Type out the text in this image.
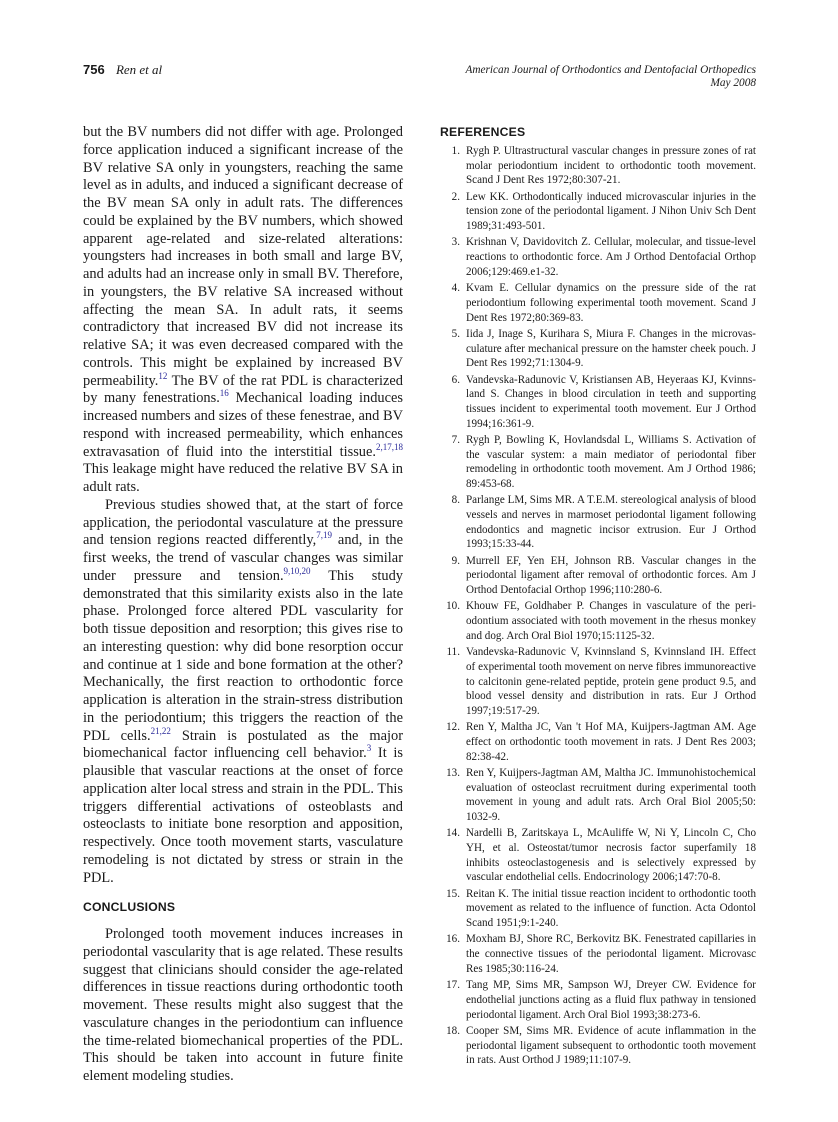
756 Ren et al	American Journal of Orthodontics and Dentofacial Orthopedics
May 2008

but the BV numbers did not differ with age. Prolonged force application induced a significant increase of the BV relative SA only in youngsters, reaching the same level as in adults, and induced a significant decrease of the BV mean SA only in adult rats. The differences could be explained by the BV numbers, which showed apparent age-related and size-related alterations: youngsters had increases in both small and large BV, and adults had an increase only in small BV. Therefore, in youngsters, the BV relative SA increased without affecting the mean SA. In adult rats, it seems contradictory that increased BV did not increase its relative SA; it was even decreased compared with the controls. This might be explained by increased BV permeability.$^{12}$ The BV of the rat PDL is characterized by many fenestrations.$^{16}$ Mechanical loading induces increased numbers and sizes of these fenestrae, and BV respond with increased permeability, which enhances extravasation of fluid into the interstitial tissue.$^{2,17,18}$ This leakage might have reduced the relative BV SA in adult rats.

Previous studies showed that, at the start of force application, the periodontal vasculature at the pressure and tension regions reacted differently,$^{7,19}$ and, in the first weeks, the trend of vascular changes was similar under pressure and tension.$^{9,10,20}$ This study demonstrated that this similarity exists also in the late phase. Prolonged force altered PDL vascularity for both tissue deposition and resorption; this gives rise to an interesting question: why did bone resorption occur and continue at 1 side and bone formation at the other? Mechanically, the first reaction to orthodontic force application is alteration in the strain-stress distribution in the periodontium; this triggers the reaction of the PDL cells.$^{21,22}$ Strain is postulated as the major biomechanical factor influencing cell behavior.$^3$ It is plausible that vascular reactions at the onset of force application alter local stress and strain in the PDL. This triggers differential activations of osteoblasts and osteoclasts to initiate bone resorption and apposition, respectively. Once tooth movement starts, vasculature remodeling is not dictated by stress or strain in the PDL.

CONCLUSIONS

Prolonged tooth movement induces increases in periodontal vascularity that is age related. These results suggest that clinicians should consider the age-related differences in tissue reactions during orthodontic tooth movement. These results might also suggest that the vasculature changes in the periodontium can influence the time-related biomechanical properties of the PDL. This should be taken into account in future finite element modeling studies.

REFERENCES
1. Rygh P. Ultrastructural vascular changes in pressure zones of rat molar periodontium incident to orthodontic tooth movement. Scand J Dent Res 1972;80:307-21.
2. Lew KK. Orthodontically induced microvascular injuries in the tension zone of the periodontal ligament. J Nihon Univ Sch Dent 1989;31:493-501.
3. Krishnan V, Davidovitch Z. Cellular, molecular, and tissue-level reactions to orthodontic force. Am J Orthod Dentofacial Orthop 2006;129:469.e1-32.
4. Kvam E. Cellular dynamics on the pressure side of the rat periodontium following experimental tooth movement. Scand J Dent Res 1972;80:369-83.
5. Iida J, Inage S, Kurihara S, Miura F. Changes in the microvasculature after mechanical pressure on the hamster cheek pouch. J Dent Res 1992;71:1304-9.
6. Vandevska-Radunovic V, Kristiansen AB, Heyeraas KJ, Kvinnsland S. Changes in blood circulation in teeth and supporting tissues incident to experimental tooth movement. Eur J Orthod 1994;16:361-9.
7. Rygh P, Bowling K, Hovlandsdal L, Williams S. Activation of the vascular system: a main mediator of periodontal fiber remodeling in orthodontic tooth movement. Am J Orthod 1986; 89:453-68.
8. Parlange LM, Sims MR. A T.E.M. stereological analysis of blood vessels and nerves in marmoset periodontal ligament following endodontics and magnetic incisor extrusion. Eur J Orthod 1993;15:33-44.
9. Murrell EF, Yen EH, Johnson RB. Vascular changes in the periodontal ligament after removal of orthodontic forces. Am J Orthod Dentofacial Orthop 1996;110:280-6.
10. Khouw FE, Goldhaber P. Changes in vasculature of the periodontium associated with tooth movement in the rhesus monkey and dog. Arch Oral Biol 1970;15:1125-32.
11. Vandevska-Radunovic V, Kvinnsland S, Kvinnsland IH. Effect of experimental tooth movement on nerve fibres immunoreactive to calcitonin gene-related peptide, protein gene product 9.5, and blood vessel density and distribution in rats. Eur J Orthod 1997;19:517-29.
12. Ren Y, Maltha JC, Van 't Hof MA, Kuijpers-Jagtman AM. Age effect on orthodontic tooth movement in rats. J Dent Res 2003; 82:38-42.
13. Ren Y, Kuijpers-Jagtman AM, Maltha JC. Immunohistochemical evaluation of osteoclast recruitment during experimental tooth movement in young and adult rats. Arch Oral Biol 2005;50: 1032-9.
14. Nardelli B, Zaritskaya L, McAuliffe W, Ni Y, Lincoln C, Cho YH, et al. Osteostat/tumor necrosis factor superfamily 18 inhibits osteoclastogenesis and is selectively expressed by vascular endothelial cells. Endocrinology 2006;147:70-8.
15. Reitan K. The initial tissue reaction incident to orthodontic tooth movement as related to the influence of function. Acta Odontol Scand 1951;9:1-240.
16. Moxham BJ, Shore RC, Berkovitz BK. Fenestrated capillaries in the connective tissues of the periodontal ligament. Microvasc Res 1985;30:116-24.
17. Tang MP, Sims MR, Sampson WJ, Dreyer CW. Evidence for endothelial junctions acting as a fluid flux pathway in tensioned periodontal ligament. Arch Oral Biol 1993;38:273-6.
18. Cooper SM, Sims MR. Evidence of acute inflammation in the periodontal ligament subsequent to orthodontic tooth movement in rats. Aust Orthod J 1989;11:107-9.
